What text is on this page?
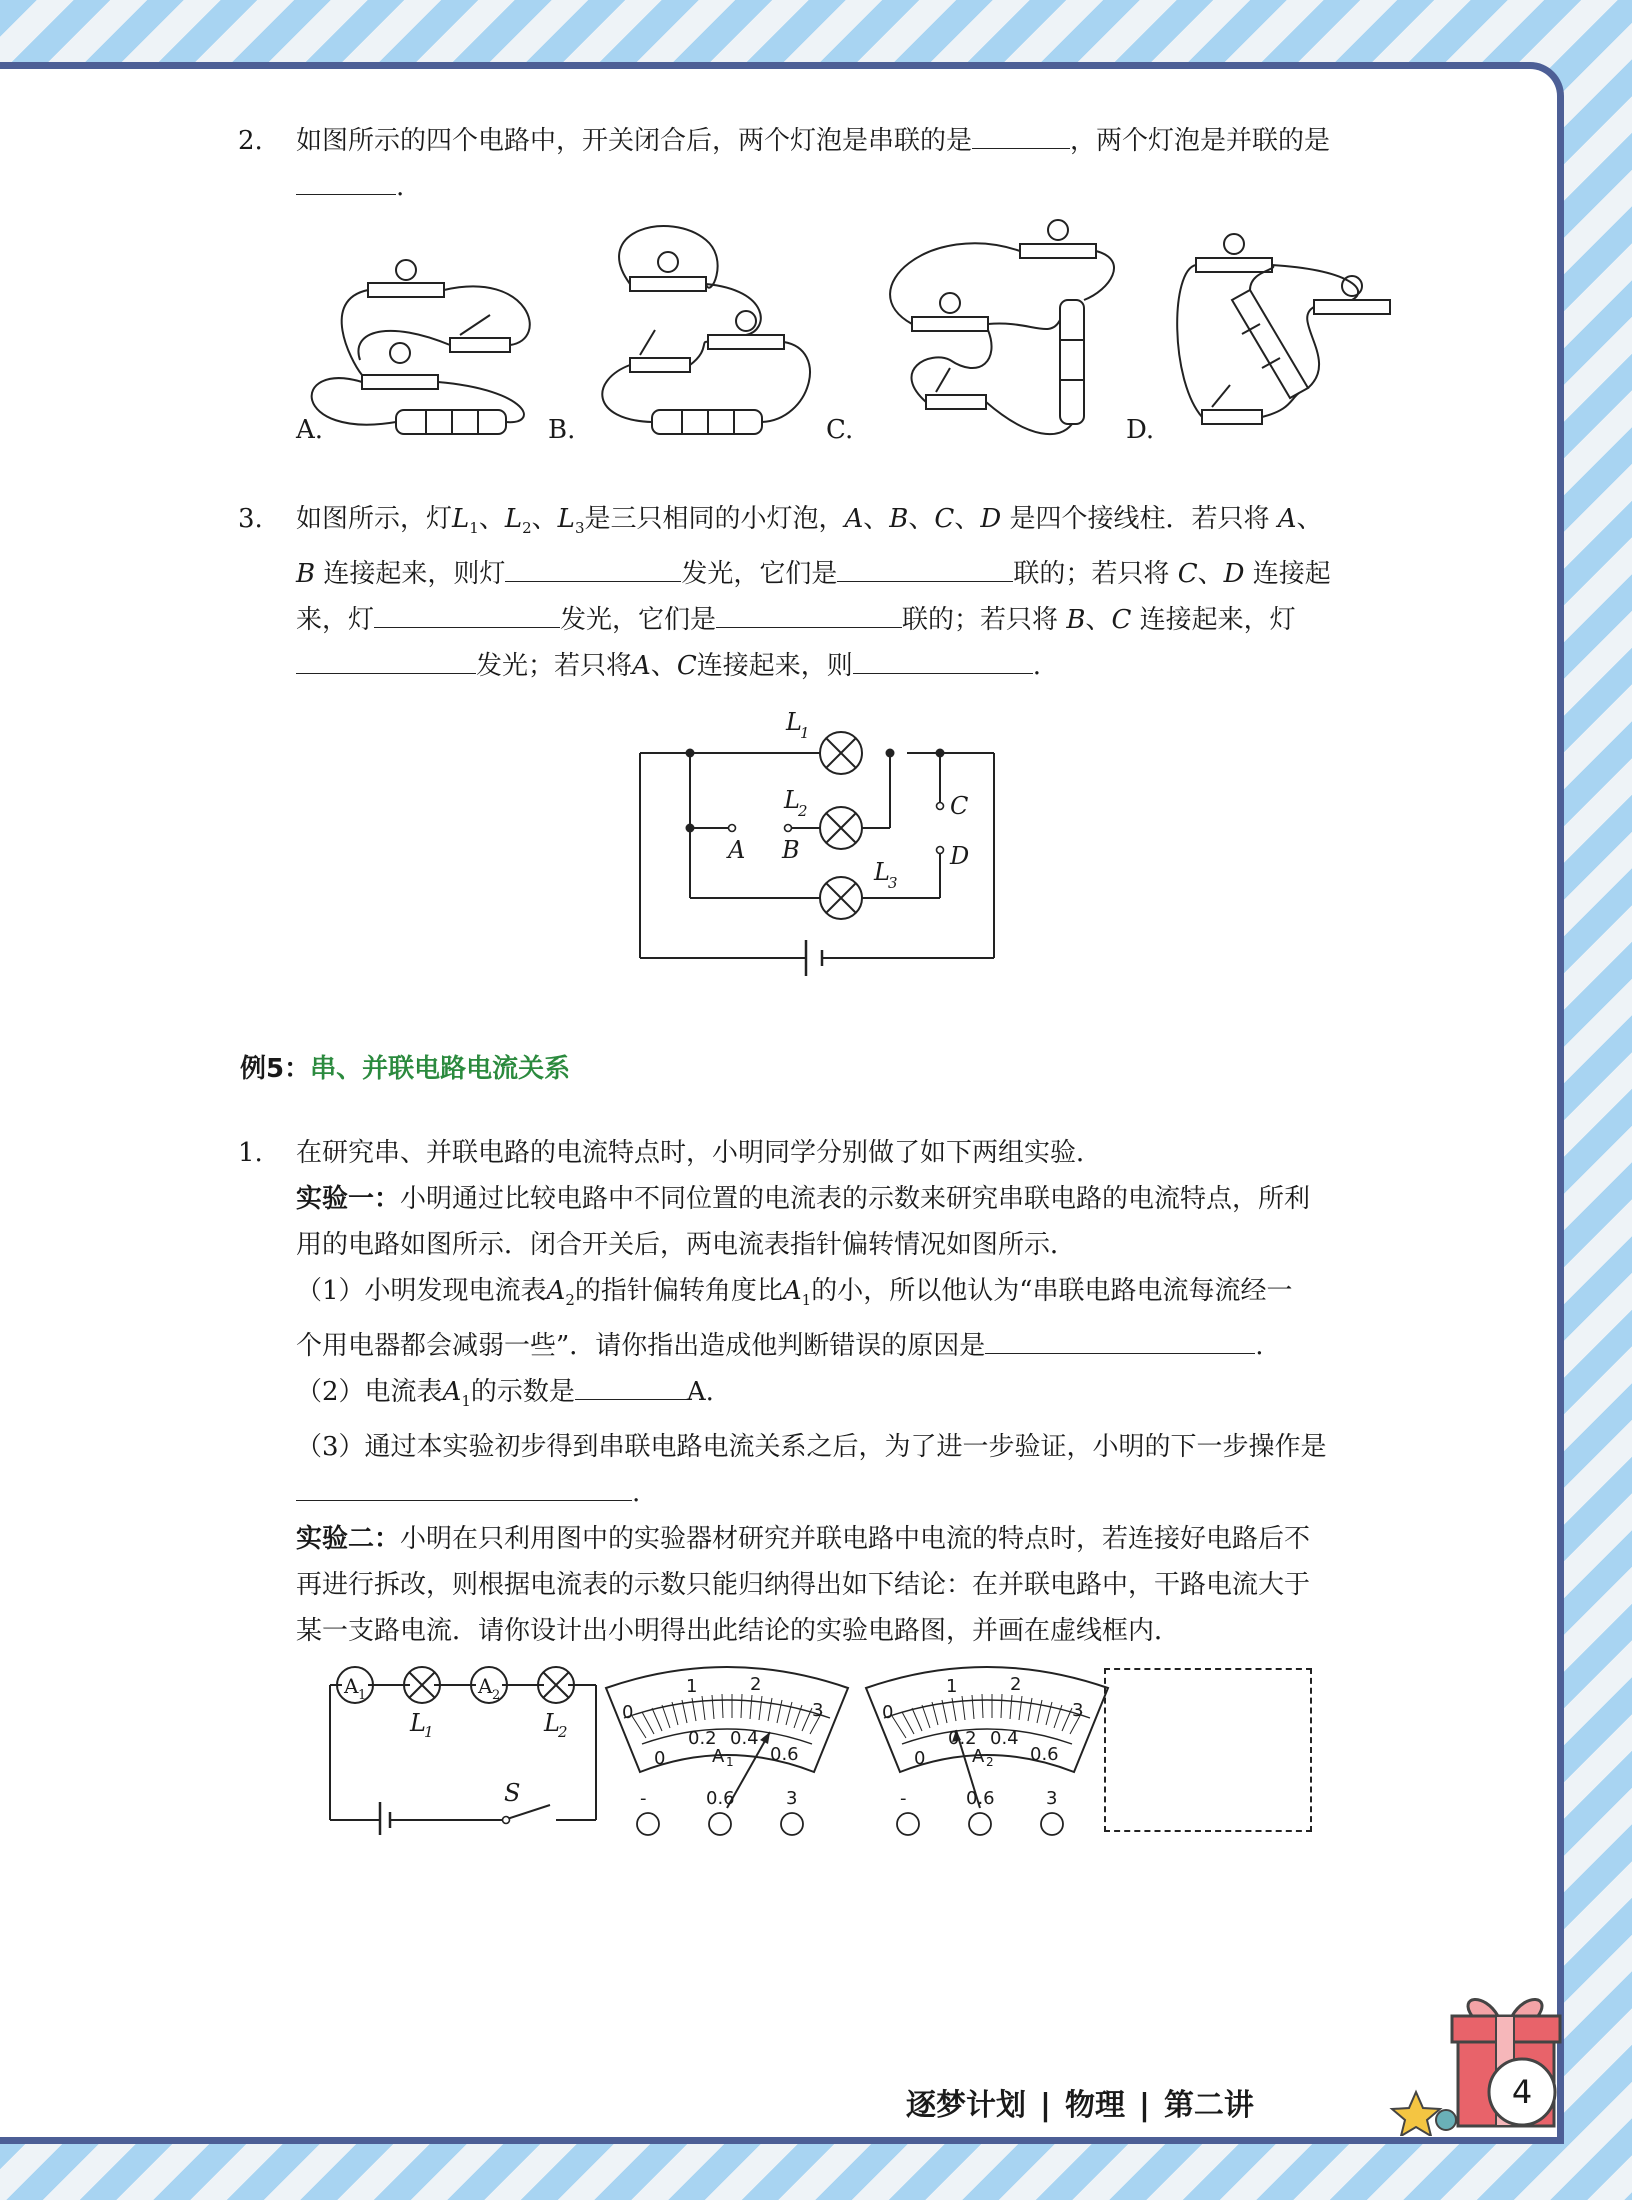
2. 如图所示的四个电路中，开关闭合后，两个灯泡是串联的是	，两个灯泡是并联的是
.
A.	B.	C.	D.
3. 如图所示，灯$L_1$、$L_2$、$L_3$是三只相同的小灯泡，A、B、C、D 是四个接线柱．若只将 A、
B 连接起来，则灯	发光，它们是	联的；若只将 C、D 连接起
来，灯	发光，它们是	联的；若只将 B、C 连接起来，灯
发光；若只将A、C连接起来，则	.
L
1
L
2
L
3
A B
C
D
例5：串、并联电路电流关系
1. 在研究串、并联电路的电流特点时，小明同学分别做了如下两组实验．
实验一：小明通过比较电路中不同位置的电流表的示数来研究串联电路的电流特点，所利
用的电路如图所示．闭合开关后，两电流表指针偏转情况如图所示．
（1）小明发现电流表$A_2$的指针偏转角度比$A_1$的小，所以他认为“串联电路电流每流经一
个用电器都会减弱一些”．请你指出造成他判断错误的原因是	.
（2）电流表$A_1$的示数是	A.
（3）通过本实验初步得到串联电路电流关系之后，为了进一步验证，小明的下一步操作是
.
实验二：小明在只利用图中的实验器材研究并联电路中电流的特点时，若连接好电路后不
再进行拆改，则根据电流表的示数只能归纳得出如下结论：在并联电路中，干路电流大于
某一支路电流．请你设计出小明得出此结论的实验电路图，并画在虚线框内．
A 1	A 2
L
1	L
2
S
0
1	2
3
0
0.2 0.4
0.6
A 1
-	0.6	3
0
1	2
3
0
0.2 0.4
0.6
A 2
-	0.6	3
逐梦计划 | 物理 | 第二讲	4
